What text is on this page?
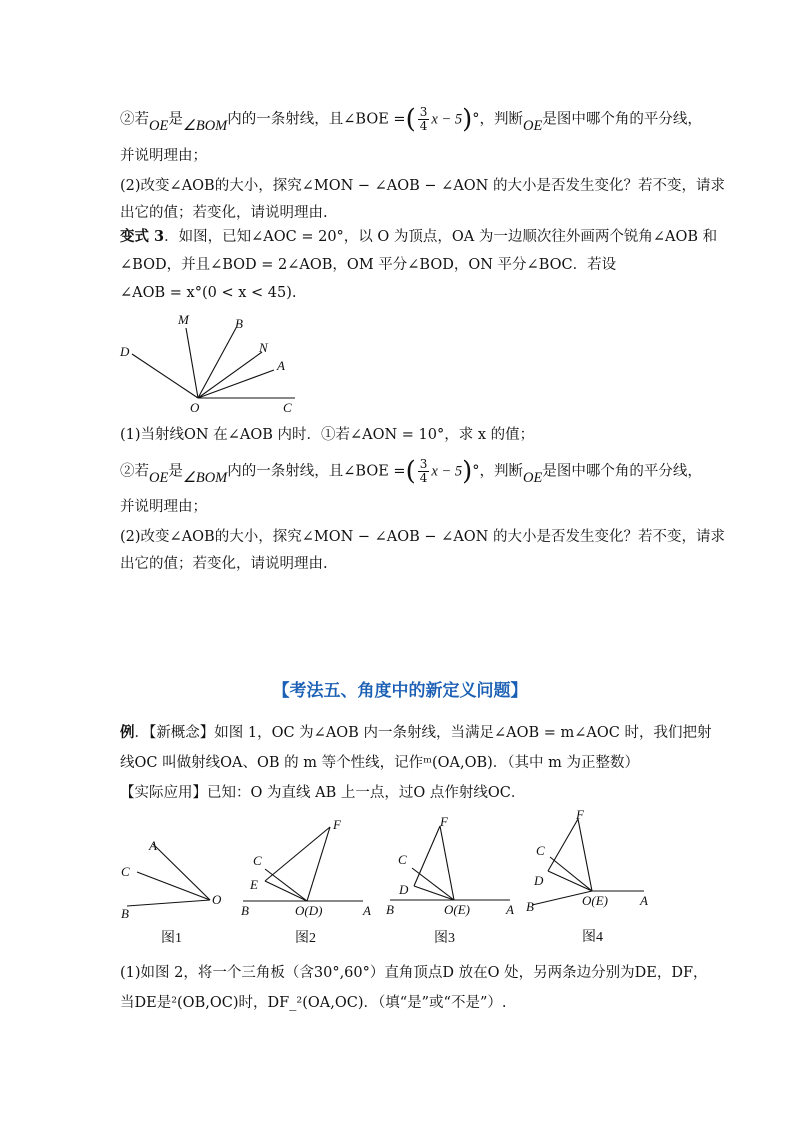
②若OE是∠BOM内的一条射线，且∠BOE =( $\frac{3}{4}$ x − 5)°，判断OE是图中哪个角的平分线，
并说明理由；
(2)改变∠AOB的大小，探究∠MON − ∠AOB − ∠AON 的大小是否发生变化？若不变，请求
出它的值；若变化，请说明理由.
变式 3．如图，已知∠AOC = 20°，以 O 为顶点，OA 为一边顺次往外画两个锐角∠AOB 和
∠BOD，并且∠BOD = 2∠AOB，OM 平分∠BOD，ON 平分∠BOC．若设
∠AOB = x°(0 < x < 45).
D
M	B
N
A
O	C
(1)当射线ON 在∠AOB 内时．①若∠AON = 10°，求 x 的值；
②若OE是∠BOM内的一条射线，且∠BOE =( $\frac{3}{4}$ x − 5)°，判断OE是图中哪个角的平分线，
并说明理由；
(2)改变∠AOB的大小，探究∠MON − ∠AOB − ∠AON 的大小是否发生变化？若不变，请求
出它的值；若变化，请说明理由.
【考法五、角度中的新定义问题】
例．【新概念】如图 1，OC 为∠AOB 内一条射线，当满足∠AOB = m∠AOC 时，我们把射
线OC 叫做射线OA、OB 的 m 等个性线，记作ᵐ(OA,OB)．（其中 m 为正整数）
【实际应用】已知：O 为直线 AB 上一点，过O 点作射线OC．
A
C
B
O
图1
F
C
E
B	O(D)	A
图2
F
C
D
B	O(E)	A
图3
F
C
D
B	O(E) A
图4
(1)如图 2，将一个三角板（含30°,60°）直角顶点D 放在O 处，另两条边分别为DE，DF，
当DE是²(OB,OC)时，DF_²(OA,OC)．（填“是”或“不是”）.
